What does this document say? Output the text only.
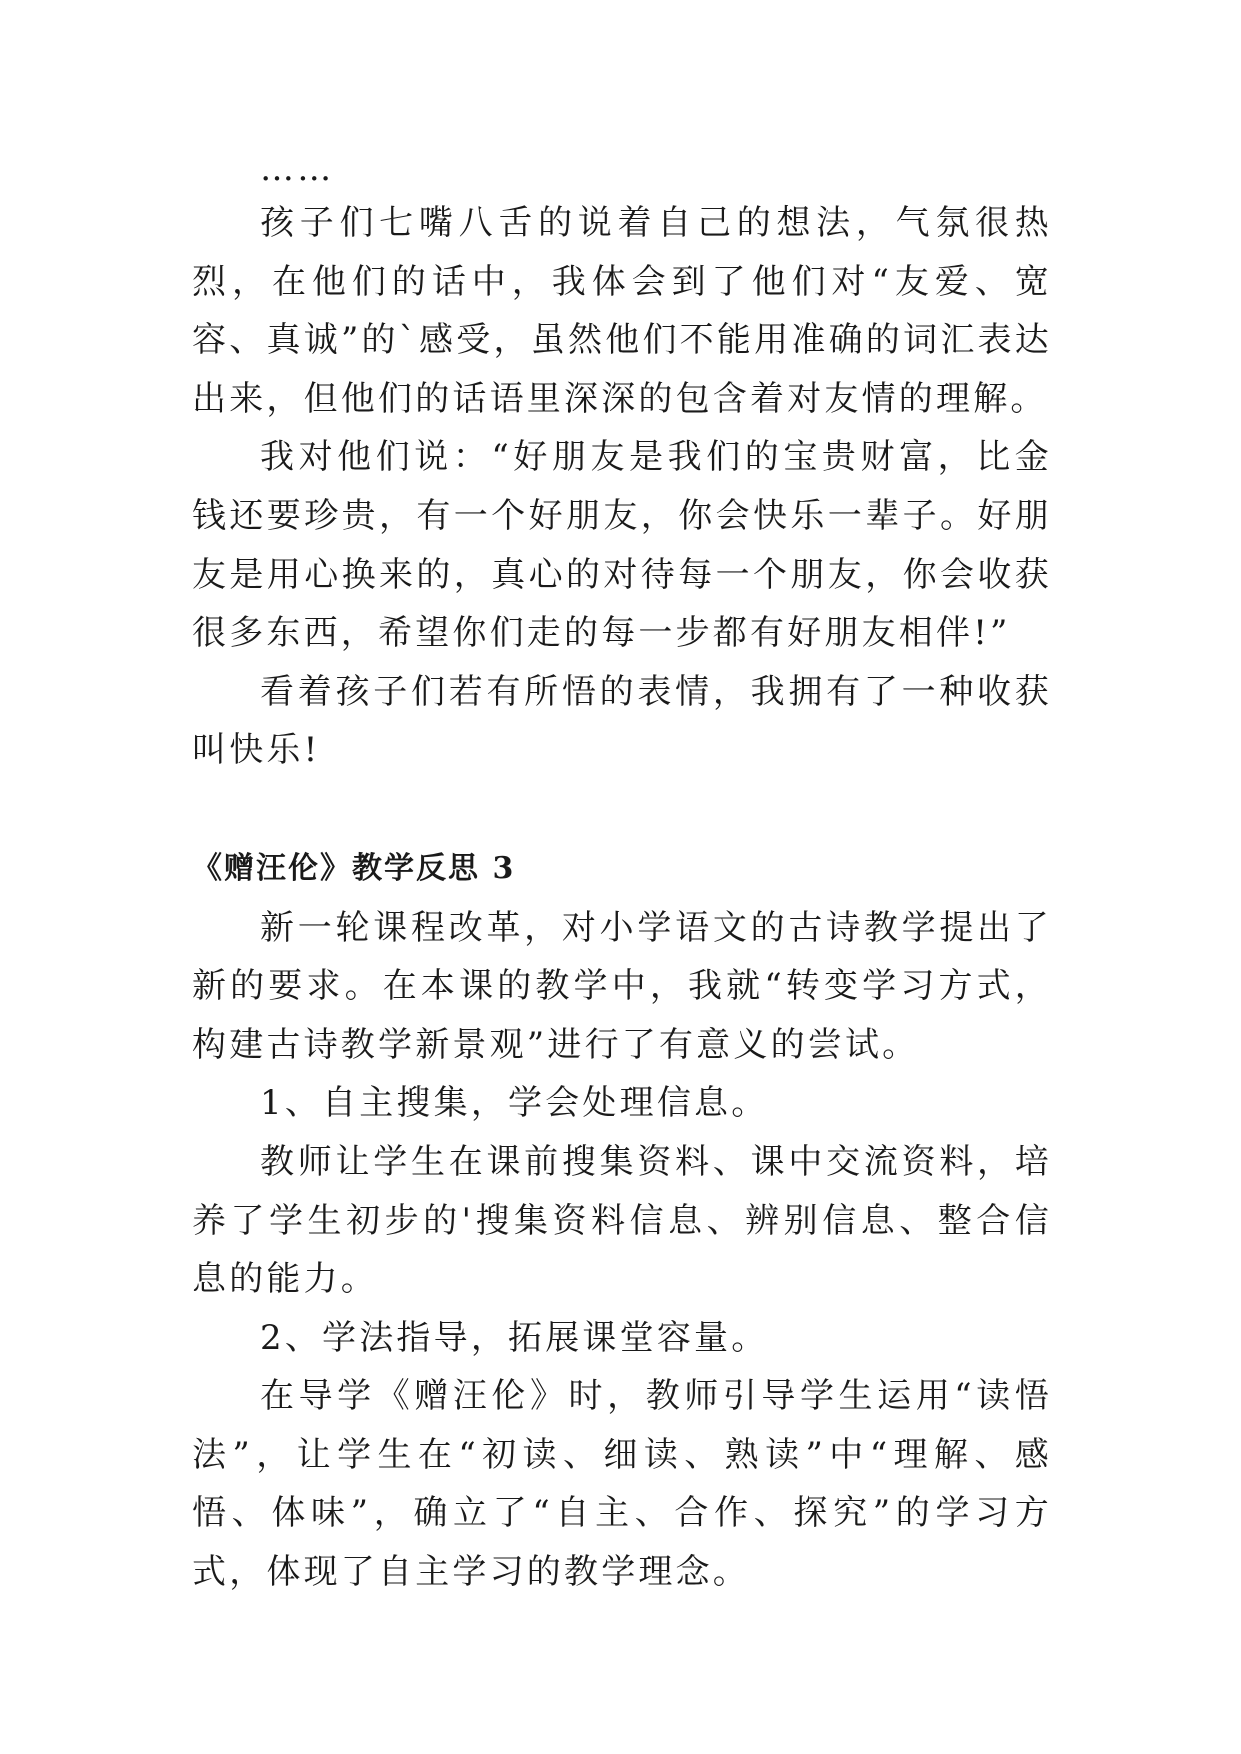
……

孩子们七嘴八舌的说着自己的想法，气氛很热烈，在他们的话中，我体会到了他们对“友爱、宽容、真诚”的`感受，虽然他们不能用准确的词汇表达出来，但他们的话语里深深的包含着对友情的理解。

我对他们说：“好朋友是我们的宝贵财富，比金钱还要珍贵，有一个好朋友，你会快乐一辈子。好朋友是用心换来的，真心的对待每一个朋友，你会收获很多东西，希望你们走的每一步都有好朋友相伴!”

看着孩子们若有所悟的表情，我拥有了一种收获叫快乐!

《赠汪伦》教学反思 3

新一轮课程改革，对小学语文的古诗教学提出了新的要求。在本课的教学中，我就“转变学习方式，构建古诗教学新景观”进行了有意义的尝试。

1、自主搜集，学会处理信息。

教师让学生在课前搜集资料、课中交流资料，培养了学生初步的'搜集资料信息、辨别信息、整合信息的能力。

2、学法指导，拓展课堂容量。

在导学《赠汪伦》时，教师引导学生运用“读悟法”，让学生在“初读、细读、熟读”中“理解、感悟、体味”，确立了“自主、合作、探究”的学习方式，体现了自主学习的教学理念。
